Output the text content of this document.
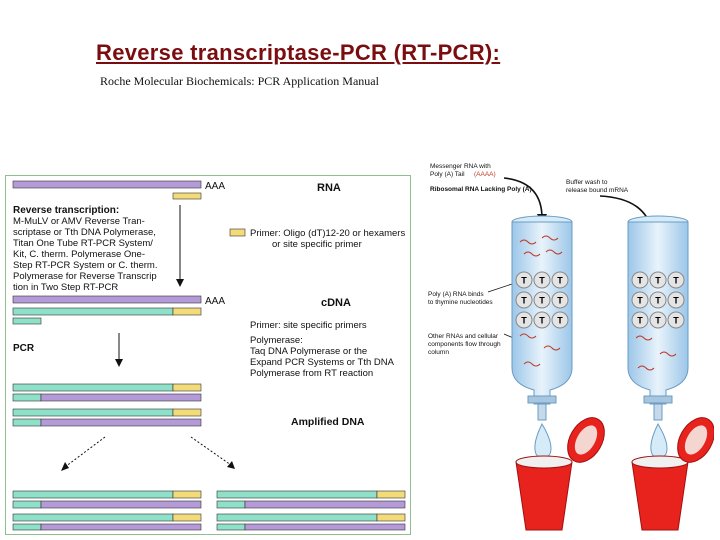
Reverse transcriptase-PCR (RT-PCR):
Roche Molecular Biochemicals: PCR Application Manual
AAA	RNA
Reverse transcription:
M-MuLV or AMV Reverse Tran-
scriptase or Tth DNA Polymerase,
Titan One Tube RT-PCR System/
Kit, C. therm. Polymerase One-
Step RT-PCR System or C. therm.
Polymerase for Reverse Transcrip
tion in Two Step RT-PCR
Primer: Oligo (dT)12-20 or hexamers
or site specific primer
AAA	cDNA
Primer: site specific primers
PCR
Polymerase:
Taq DNA Polymerase or the
Expand PCR Systems or Tth DNA
Polymerase from RT reaction
Amplified DNA
Messenger RNA with
Poly (A) Tail (AAAA)
Ribosomal RNA Lacking Poly (A)
Buffer wash to
release bound mRNA
Poly (A) RNA binds
to thymine nucleotides
Other RNAs and cellular
components flow through
column
T T T
T T T
T T T
T T T
T T T
T T T
